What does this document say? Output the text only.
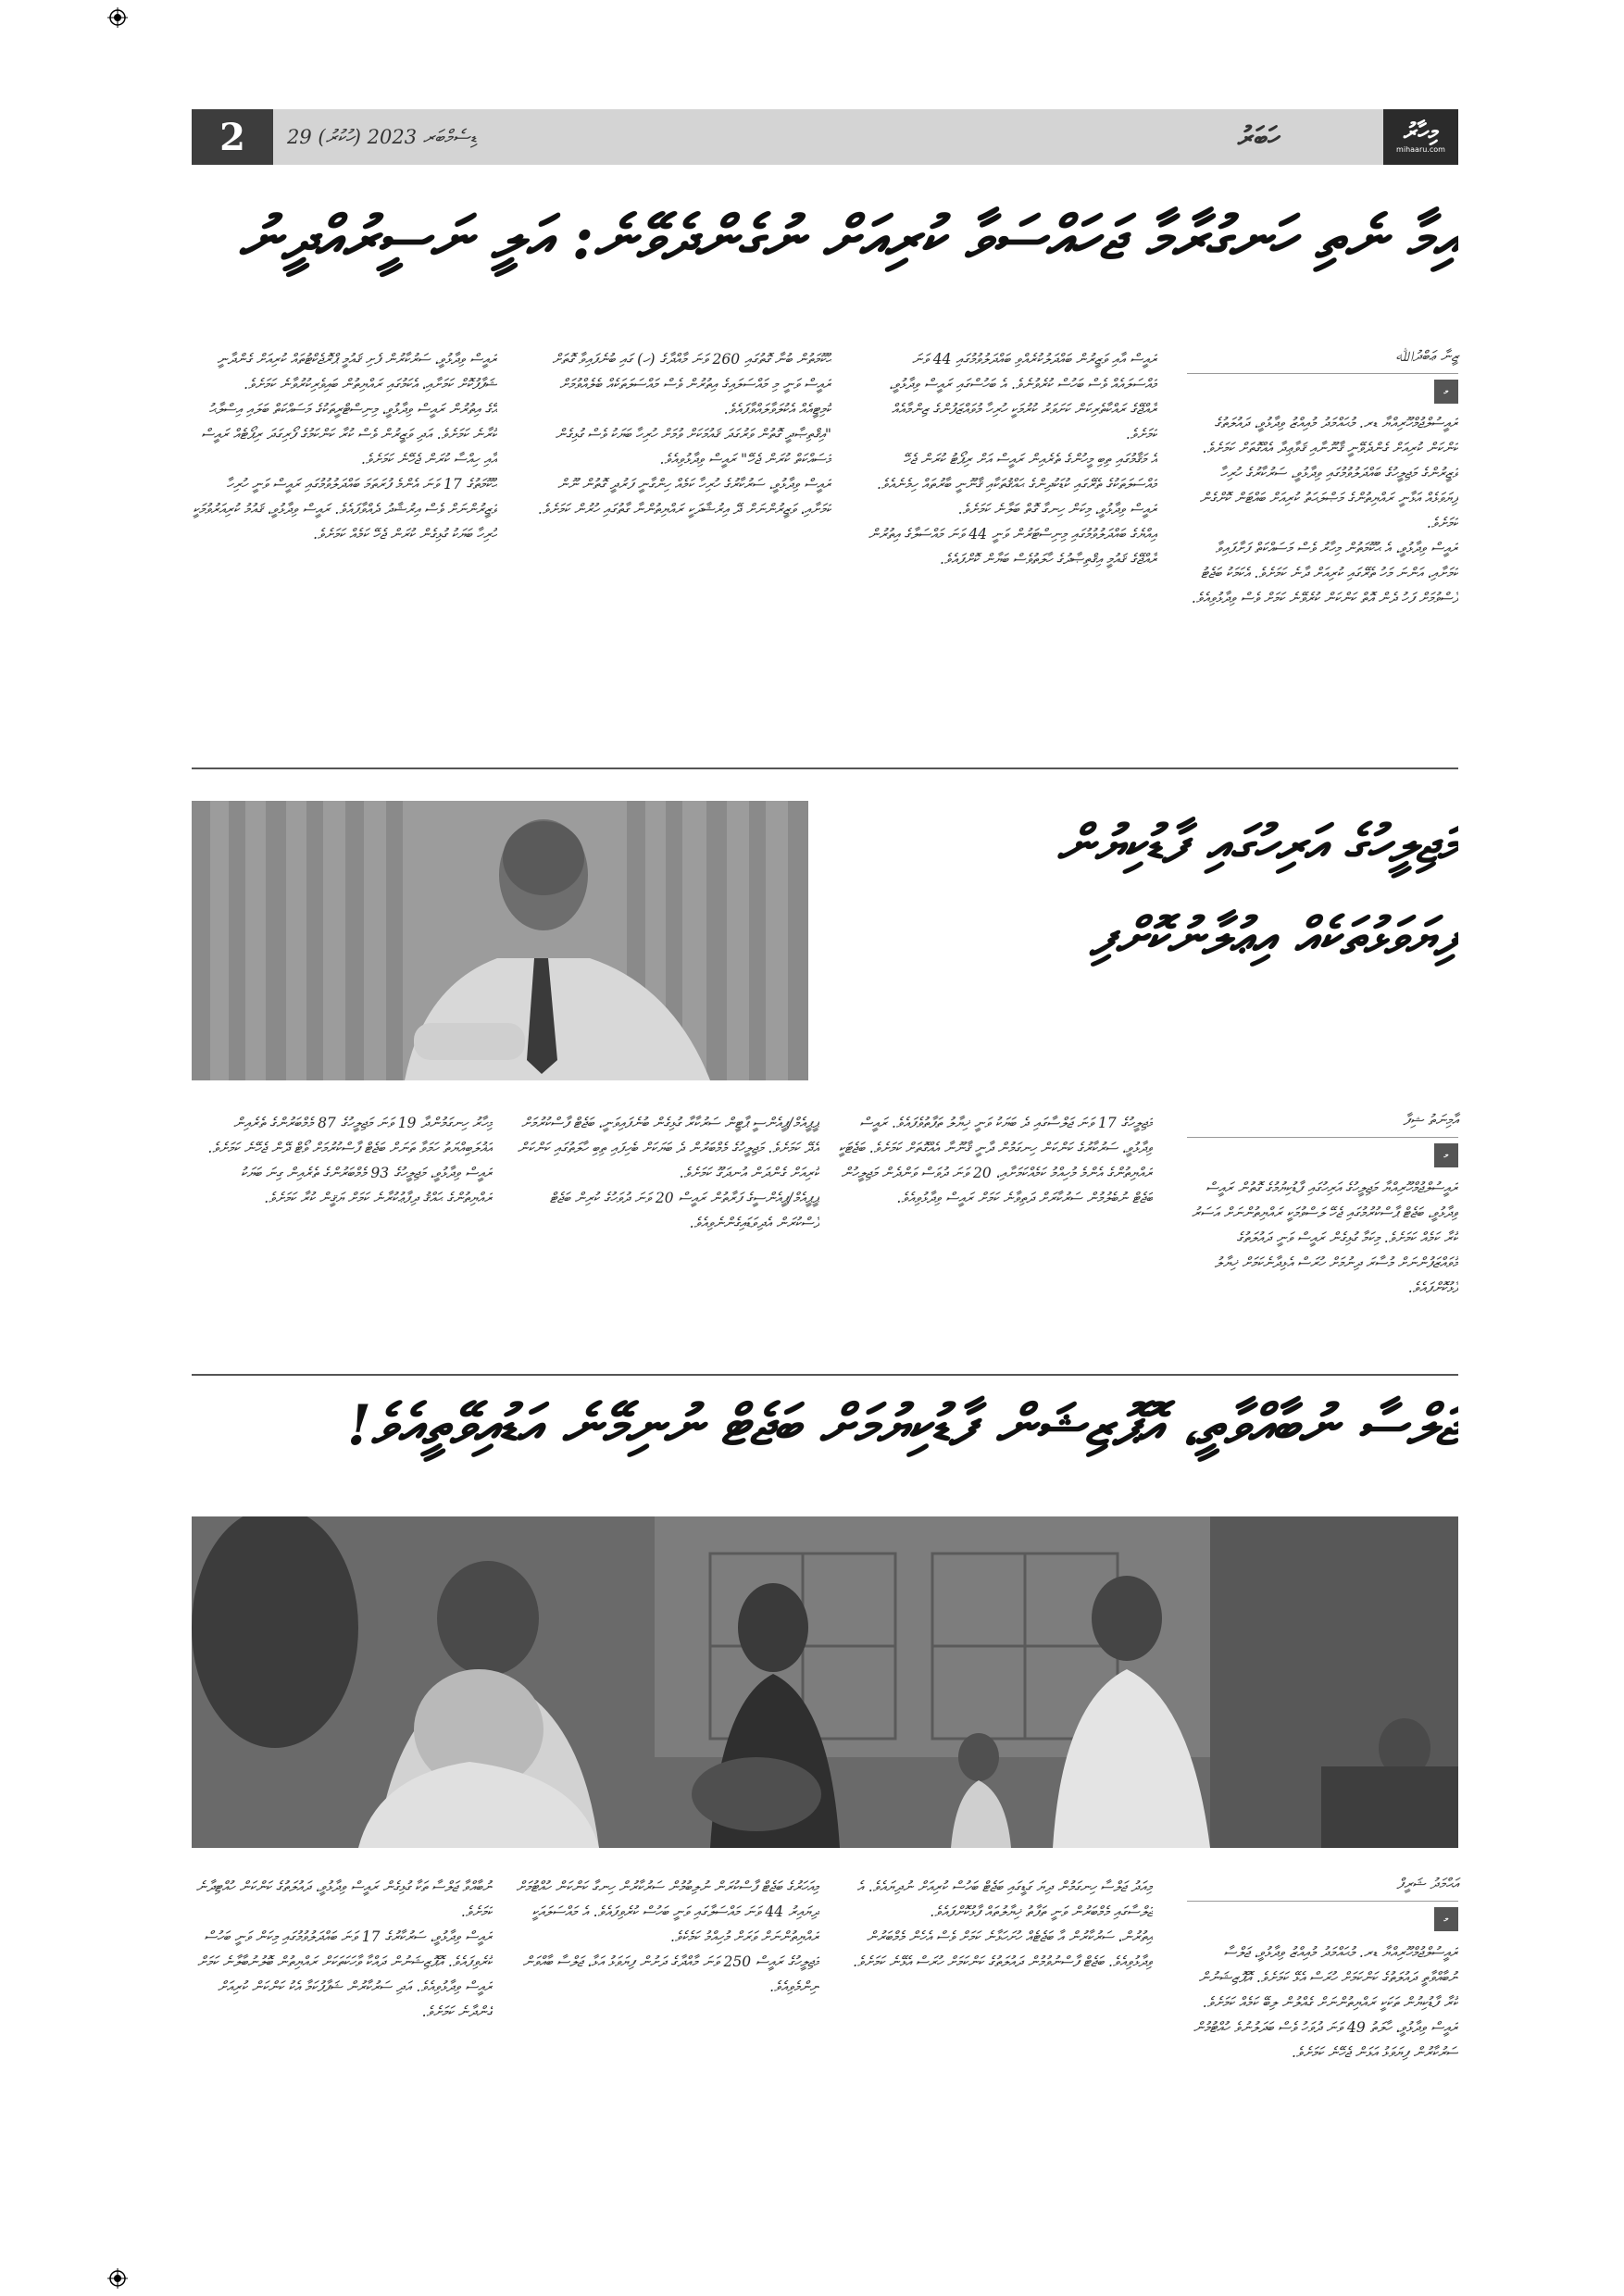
2	29 ޑިސެމްބަރ 2023 (ހުކުރު)	ހަބަރު	މިހާރު
mihaaru.com
އިމާ ނެތި ހަނގުރާމާ ޖަހައްސަވާ ކުރިއަށް ނުގެންދެވޭނެ: އަލީ ނަސީރުއްދީނު
ޒީނާ ޢަބްދުﷲ
މ
ރައީސުލްޖުމްހޫރިއްޔާ ޑރ. މުޙައްމަދު މުއިއްޒު ވިދާޅުވީ، ދައުލަތުގެ ކަންކަން ކުރިއަށް ގެންދެވޭނީ ޤާނޫނާއި ޤަވާޢިދާ އެއްގޮތަށް ކަމަށެވެ. ވަޒީރުންގެ މަޖިލީހުގެ ބައްދަލުވުމުގައި ވިދާޅުވީ، ސަރުކާރުގެ ހުރިހާ ފިޔަވަޅެއް އަޅާނީ ރައްޔިތުންގެ މަޞްލަޙަތު ކުރިއަށް ބައްޓަން ކޮށްގެން ކަމަށެވެ.
ރައީސް ވިދާޅުވީ، އެ ޙުކޫމަތުން މިހާރު ވެސް މަސައްކަތް ފަށާފައިވާ ކަމަށާއި، އަންނަ މަހު ތެރޭގައި ކުރިއަށް ދާނެ ކަމަށެވެ. އެކަމަކު ބަޖެޓު ފާސްވުމަށް ފަހު ދެން އޮތް ކަންކަން ކުރެވޭނެ ކަމަށް ވެސް ވިދާޅުވިއެވެ.
ރައީސް އާއި ވަޒީރުން ބައްދަލުކުރެއްވި ބައްދަލުވުމުގައި 44 ވަނަ މައްސަލައެއް ވެސް ބަހުސް ކުރެވުނެވެ. އެ ބަހުސްގައި ރައީސް ވިދާޅުވީ، ރާއްޖޭގެ ރައްކާތެރިކަން ކަށަވަރު ކުރުމަކީ ހުރިހާ މުވައްޒަފުންގެ ޒިންމާއެއް ކަމަށެވެ.
އެ މަޤާމުގައި ތިބި މީހުންގެ ތެރެއިން ރައީސް އަށް ރިޕޯޓު ކުރަން ޖެހޭ މައްސަލަތަކުގެ ތެރޭގައި ކުޑަކުދިންގެ ޙައްޤުތަކާއި ޤާނޫނީ ބާރުތައް ހިމެނެއެވެ. ރައީސް ވިދާޅުވީ، މިކަން ހިނގާ ގޮތް ބަލާނެ ކަމަށެވެ.
އިއްޔެގެ ބައްދަލުވުމުގައި މިނިސްޓަރުން ވަނީ 44 ވަނަ މައްސަލާގެ އިތުރުން ރާއްޖޭގެ ޤައުމީ އިޤްތިޞާދުގެ ހާލަތުވެސް ބަޔާން ކޮށްފައެވެ.
ޙުކޫމަތުން ބުނާ ގޮތުގައި 260 ވަނަ މާއްދާގެ (ހ) ގައި ބުނެފައިވާ ގޮތަށް ރައީސް ވަނީ މި މައްސަލައިގެ އިތުރުން ވެސް މައްސަލަތަކެއް ބެލެއްވުމަށް ކޮމިޓީއެއް އެކުލަވާލައްވާފައެވެ.
"އިޤްތިޞާދީ ގޮތުން ވަރުގަދަ ޤައުމަކަށް ވުމަށް ހުރިހާ ބަޔަކު ވެސް ގުޅިގެން މަސައްކަތް ކުރަން ޖެހޭ" ރައީސް ވިދާޅުވިއެވެ.
ރައީސް ވިދާޅުވީ، ސަރުކާރުގެ ހުރިހާ ކަމެއް ހިންގާނީ ފަރުދީ ގޮތުން ނޫން ކަމަށާއި، ވަޒީރުންނަށް ދޭ އިރުޝާދަކީ ރައްޔިތުންނާ ގާތުގައި ހުރުން ކަމަށެވެ.
ރައީސް ވިދާޅުވީ، ސަރުކާރުން ފެށި ޤައުމީ ޕްރޮޖެކްޓުތައް ކުރިއަށް ގެންދާނީ ޝަފާފުކޮށް ކަމަށާއި، އެކަމުގައި ރައްޔިތުން ބައިވެރިކުރުވާނެ ކަމަށެވެ.
އޭގެ އިތުރުން ރައީސް ވިދާޅުވީ، މިނިސްޓްރީތަކުގެ މަސައްކަތް ބަލައި އިސްލާޙު ކުރާނެ ކަމަށެވެ. އަދި ވަޒީރުން ވެސް ކުރާ ކަންކަމުގެ ފޯރިގަދަ ރިޕޯޓެއް ރައީސް އާއި ހިއްސާ ކުރަން ޖެހޭނެ ކަމަށެވެ.
ޙުކޫމަތުގެ 17 ވަނަ އެންމެ ފުރަތަމަ ބައްދަލުވުމުގައި ރައީސް ވަނީ ހުރިހާ ވަޒީރުންނަށް ވެސް އިރުޝާދު ދެއްވާފައެވެ. ރައީސް ވިދާޅުވީ، ޤައުމު ކުރިއަރުވުމަކީ ހުރިހާ ބަޔަކު ގުޅިގެން ކުރަން ޖެހޭ ކަމެއް ކަމަށެވެ.
މަޖިލީހުގެ އަރިހުގައި ފާޑުކިޔުން
ފިޔަވަޅުތަކެއް އިޢުލާނުކޮށްފި
އާމިނަތު ޝިފާ
މ
ރައީސުލްޖުމްހޫރިއްޔާ މަޖިލީހުގެ އަރިހުގައި ފާޑުކިޔުމުގެ ގޮތުން ރައީސް ވިދާޅުވީ، ބަޖެޓް ޕާސްކުރުމުގައި ޖެހޭ ލަސްވުމަކީ ރައްޔިތުންނަށް އަސަރު ކުރާ ކަމެއް ކަމަށެވެ. މިކަމާ ގުޅިގެން ރައީސް ވަނީ ދައުލަތުގެ މުވައްޒަފުންނަށް މުސާރަ ދިނުމަށް ހުރަސް އެޅިދާނެކަމަށް ޚިޔާލު ފާޅުކޮށްފައެވެ.
މަޖިލީހުގެ 17 ވަނަ ޖަލްސާގައި ދެ ބަޔަކު ވަނީ ޚިޔާލު ތަފާތުވެފައެވެ. ރައީސް ވިދާޅުވީ، ސަރުކާރުގެ ކަންކަން ހިނގަމުން ދާނީ ޤާނޫނާ އެއްގޮތަށް ކަމަށެވެ. ބަޖެޓަކީ ރައްޔިތުންގެ އެންމެ މުހިއްމު ކަމެއްކަމަށާއި، 20 ވަނަ ދުވަސް ވަންދެން މަޖިލީހުން ބަޖެޓް ނުބެލުމުން ސަރުކާރަށް ދަތިވާނެ ކަމަށް ރައީސް ވިދާޅުވިއެވެ.
ޕީޕީއެމް/ޕީއެންސީ ޕާޓީން ސަރުކާރާ ގުޅިގެން ބުނެފައިވަނީ، ބަޖެޓް ފާސްކުރުމަށް އެދޭ ކަމަށެވެ. މަޖިލީހުގެ މެމްބަރުން ދެ ބަޔަކަށް ބެހިފައި ތިބި ހާލަތުގައި ކަންކަން ކުރިއަށް ގެންދަން އުނދަގޫ ކަމަށެވެ.
ޕީޕީއެމް/ޕީއެންސީގެ ފަރާތުން ރައީސް 20 ވަނަ ދުވަހުގެ ކުރިން ބަޖެޓް ފާސްކުރަން އެދިވަޑައިގެންނެވިއެވެ.
މިހާރު ހިނގަމުންދާ 19 ވަނަ މަޖިލީހުގެ 87 މެމްބަރުންގެ ތެރެއިން އަޣުލަބިއްޔަތު ހަމަވާ ތަނަށް ބަޖެޓް ފާސްކުރުމަށް ވޯޓް ދޭން ޖެހޭނެ ކަމަށެވެ. ރައީސް ވިދާޅުވީ، މަޖިލީހުގެ 93 މެމްބަރުންގެ ތެރެއިން ގިނަ ބަޔަކު ރައްޔިތުންގެ ޙައްޤު ދިފާޢުކުރާނެ ކަމަށް ޔަޤީން ކުރާ ކަމަށެވެ.
ޖަލްސާ ނުބާއްވާތީ، އޮޕޮޒިޝަން ފާޑުކިޔުމަށް ބަޖެޓް ނުނިމޭނެ އަޑުއިވޭތީއެވެ!
އަޙްމަދު ޝަރީފް
މ
ރައީސުލްޖުމްހޫރިއްޔާ ޑރ. މުޙައްމަދު މުއިއްޒު ވިދާޅުވީ، ޖަލްސާ ނުބާއްވާތީ ދައުލަތުގެ ކަންކަމަށް ހުރަސް އެޅޭ ކަމަށެވެ. އޮޕޮޒިޝަނުން ކުރާ ފާޑުކިޔުން ތަކަކީ ރައްޔިތުންނަށް ގެއްލުން ލިބޭ ކަމެއް ކަމަށެވެ.
ރައީސް ވިދާޅުވީ، ހާލަތު 49 ވަނަ ދުވަހު ވެސް ބަދަލުނުވެ ހުއްޓުމުން ސަރުކާރުން ފިޔަވަޅު އަޅަން ޖެހޭނެ ކަމަށެވެ.
މިއަދު ޖަލްސާ ހިނގަމުން ދިޔަ ގަޑީގައި ބަޖެޓް ބަހުސް ކުރިއަށް ނުދިޔައެވެ. އެ ޖަލްސާގައި މެމްބަރުން ވަނީ ތަފާތު ޚިޔާލުތައް ފާޅުކޮށްފައެވެ.
އިތުރުން، ސަރުކާރުން އާ ބަޖެޓެއް ހުށަހަޅާނެ ކަމަށް ވެސް އެހެން މެމްބަރުން ވިދާޅުވިއެވެ. ބަޖެޓް ފާސްނުވުމުން ދައުލަތުގެ ކަންކަމަށް ހުރަސް އެޅޭނެ ކަމަށެވެ.
މިއަހަރުގެ ބަޖެޓް ފާސްކުރަން ނުލިބުމުން ސަރުކާރުން ހިނގާ ކަންކަން ހުއްޓުމަށް ދިޔައިރު 44 ވަނަ މައްސަލާގައި ވަނީ ބަހުސް ކުރެވިފައެވެ. އެ މައްސަލައަކީ ރައްޔިތުންނަށް ވަރަށް މުހިއްމު ކަމެކެވެ.
މަޖިލީހުގެ ރައީސް 250 ވަނަ މާއްދާގެ ދަށުން ފިޔަވަޅު އަޅާ، ޖަލްސާ ބާއްވަން ނިންމެވިއެވެ.
ނުބާއްވާ ޖަލްސާ ތަކާ ގުޅިގެން ރައީސް ވިދާޅުވީ، ދައުލަތުގެ ކަންކަން ހުއްޓިދާނެ ކަމަށެވެ.
ރައީސް ވިދާޅުވީ، ސަރުކާރުގެ 17 ވަނަ ބައްދަލުވުމުގައި މިކަން ވަނީ ބަހުސް ކުރެވިފައެވެ. އޮޕޮޒިޝަނުން ދައްކާ ވާހަކަތަކަށް ރައްޔިތުން ބޮލުނުބާލާނެ ކަމަށް ރައީސް ވިދާޅުވިއެވެ. އަދި ސަރުކާރުން ޝަފާފުކަމާ އެކު ކަންކަން ކުރިއަށް ގެންދާނެ ކަމަށެވެ.
